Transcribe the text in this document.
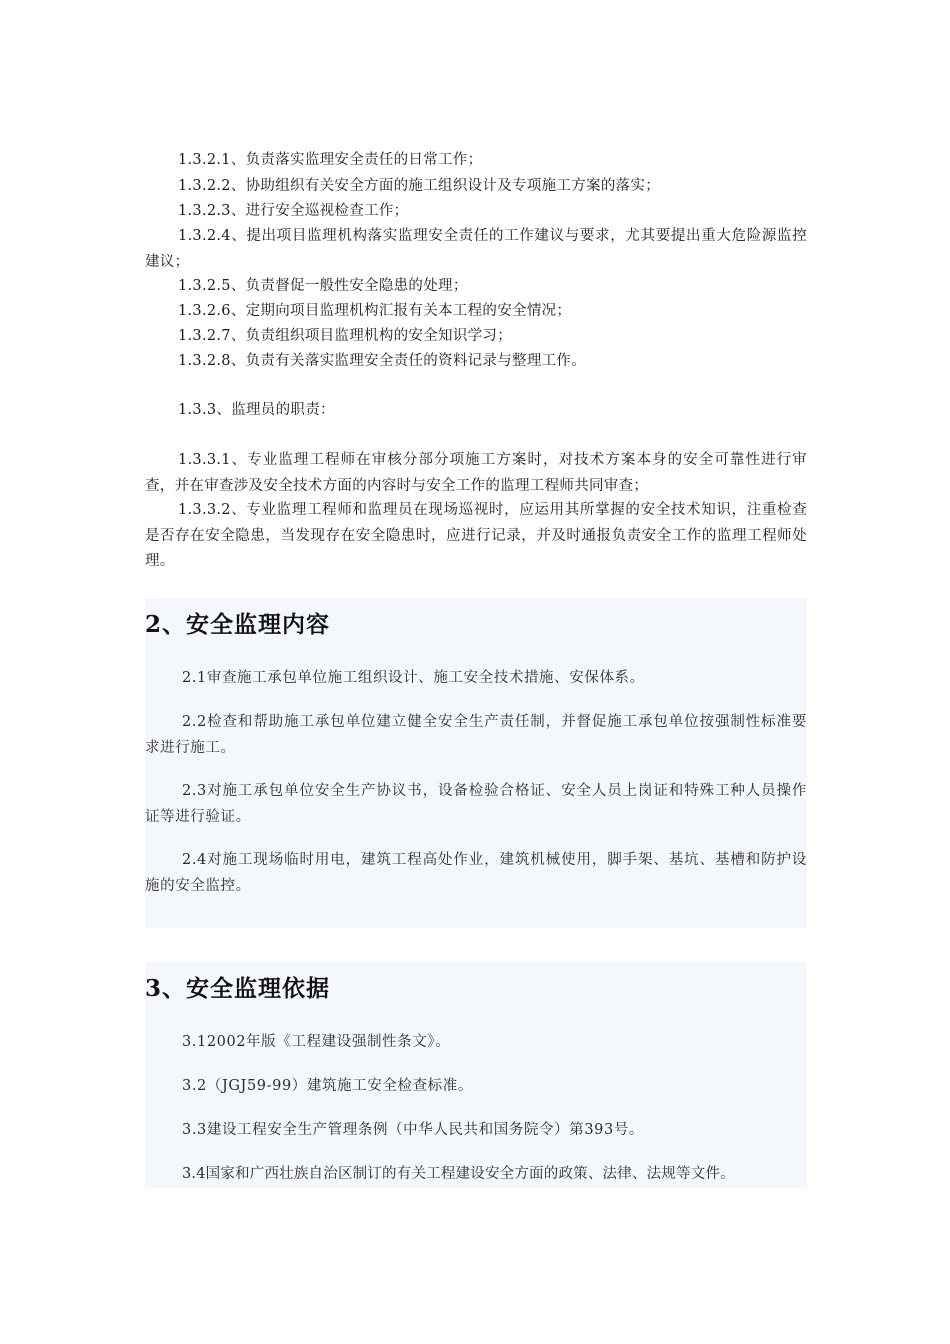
1.3.2.1、负责落实监理安全责任的日常工作；
1.3.2.2、协助组织有关安全方面的施工组织设计及专项施工方案的落实；
1.3.2.3、进行安全巡视检查工作；
1.3.2.4、提出项目监理机构落实监理安全责任的工作建议与要求，尤其要提出重大危险源监控建议；
1.3.2.5、负责督促一般性安全隐患的处理；
1.3.2.6、定期向项目监理机构汇报有关本工程的安全情况；
1.3.2.7、负责组织项目监理机构的安全知识学习；
1.3.2.8、负责有关落实监理安全责任的资料记录与整理工作。
1.3.3、监理员的职责：
1.3.3.1、专业监理工程师在审核分部分项施工方案时，对技术方案本身的安全可靠性进行审查，并在审查涉及安全技术方面的内容时与安全工作的监理工程师共同审查；
1.3.3.2、专业监理工程师和监理员在现场巡视时，应运用其所掌握的安全技术知识，注重检查是否存在安全隐患，当发现存在安全隐患时，应进行记录，并及时通报负责安全工作的监理工程师处理。
2、安全监理内容
2.1审查施工承包单位施工组织设计、施工安全技术措施、安保体系。
2.2检查和帮助施工承包单位建立健全安全生产责任制，并督促施工承包单位按强制性标准要求进行施工。
2.3对施工承包单位安全生产协议书，设备检验合格证、安全人员上岗证和特殊工种人员操作证等进行验证。
2.4对施工现场临时用电，建筑工程高处作业，建筑机械使用，脚手架、基坑、基槽和防护设施的安全监控。
3、安全监理依据
3.12002年版《工程建设强制性条文》。
3.2（JGJ59-99）建筑施工安全检查标准。
3.3建设工程安全生产管理条例（中华人民共和国务院令）第393号。
3.4国家和广西壮族自治区制订的有关工程建设安全方面的政策、法律、法规等文件。
